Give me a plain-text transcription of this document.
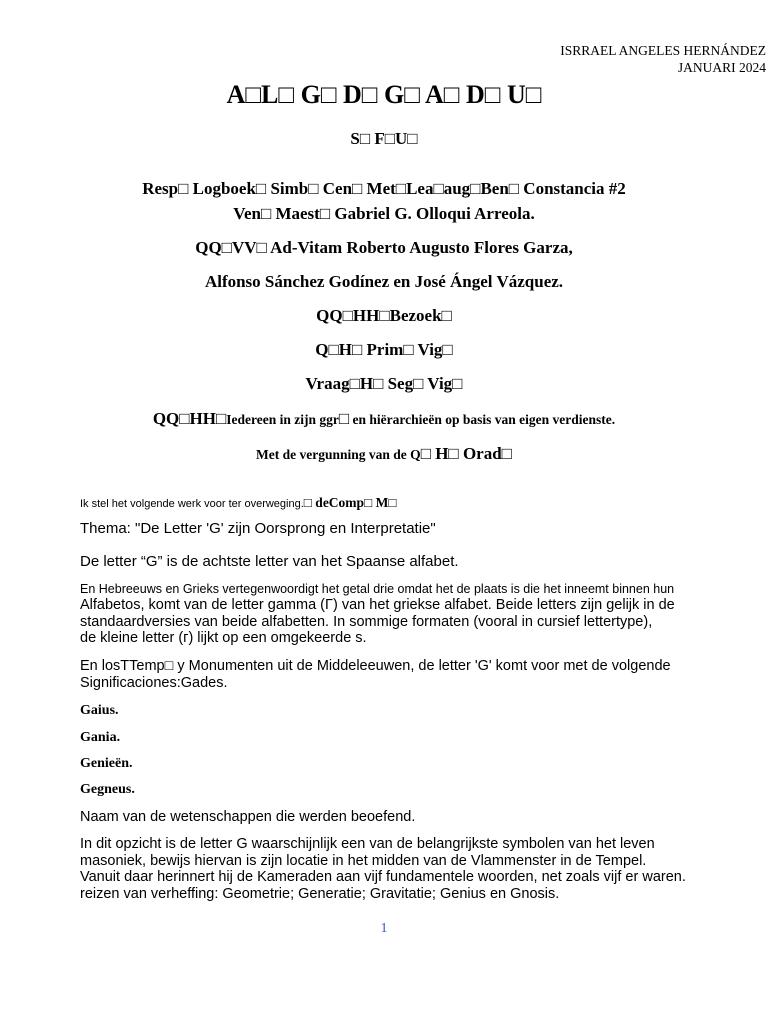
ISRRAEL ANGELES HERNÁNDEZ
JANUARI 2024
A□L□ G□ D□ G□ A□ D□ U□
S□ F□U□
Resp□ Logboek□ Simb□ Cen□ Met□Lea□aug□Ben□ Constancia #2
Ven□ Maest□ Gabriel G. Olloqui Arreola.
QQ□VV□ Ad-Vitam Roberto Augusto Flores Garza,
Alfonso Sánchez Godínez en José Ángel Vázquez.
QQ□HH□Bezoek□
Q□H□ Prim□ Vig□
Vraag□H□ Seg□ Vig□
QQ□HH□Iedereen in zijn ggr□ en hiërarchieën op basis van eigen verdienste.
Met de vergunning van de Q□ H□ Orad□
Ik stel het volgende werk voor ter overweging.□ deComp□ M□
Thema: "De Letter 'G' zijn Oorsprong en Interpretatie"
De letter “G” is de achtste letter van het Spaanse alfabet.
En Hebreeuws en Grieks vertegenwoordigt het getal drie omdat het de plaats is die het inneemt binnen hun
Alfabetos, komt van de letter gamma (Γ) van het griekse alfabet. Beide letters zijn gelijk in de
standaardversies van beide alfabetten. In sommige formaten (vooral in cursief lettertype),
de kleine letter (г) lijkt op een omgekeerde s.
En losTTemp□ y Monumenten uit de Middeleeuwen, de letter 'G' komt voor met de volgende
Significaciones:Gades.
Gaius.
Gania.
Genieën.
Gegneus.
Naam van de wetenschappen die werden beoefend.
In dit opzicht is de letter G waarschijnlijk een van de belangrijkste symbolen van het leven
masoniek, bewijs hiervan is zijn locatie in het midden van de Vlammenster in de Tempel.
Vanuit daar herinnert hij de Kameraden aan vijf fundamentele woorden, net zoals vijf er waren.
reizen van verheffing: Geometrie; Generatie; Gravitatie; Genius en Gnosis.
1
